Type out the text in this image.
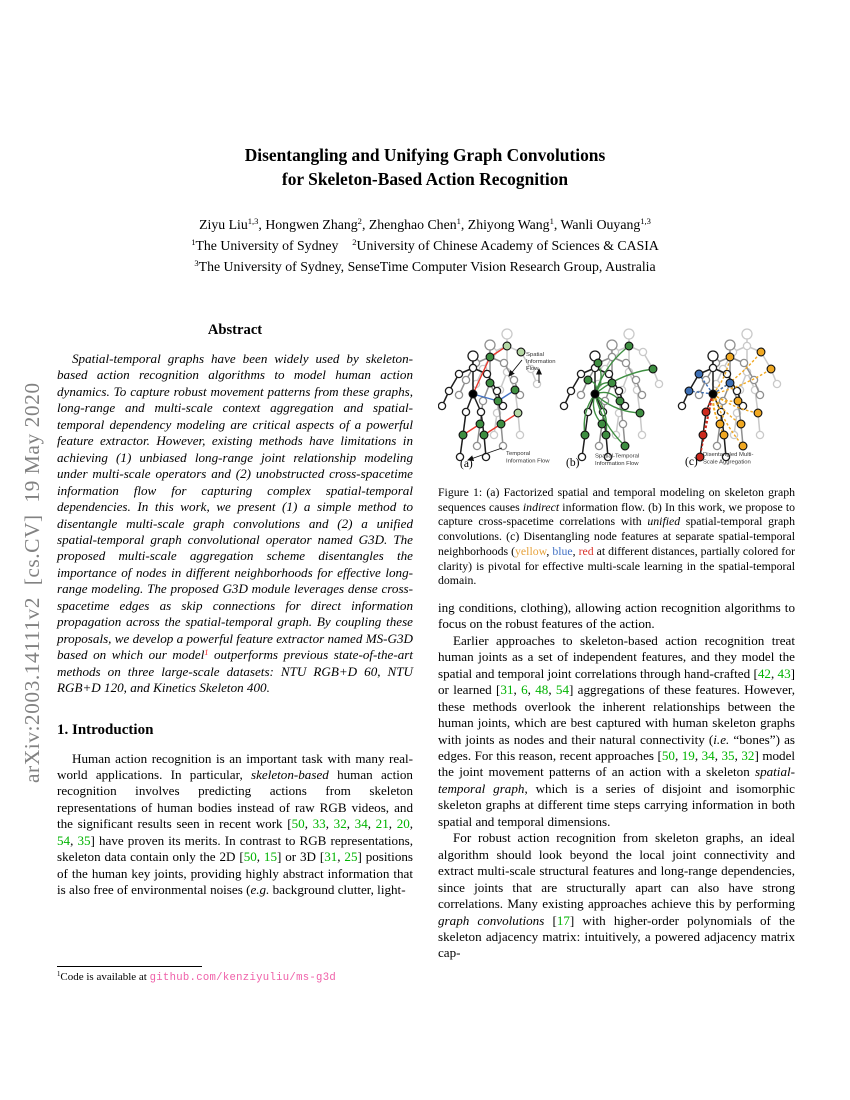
arXiv:2003.14111v2  [cs.CV]  19 May 2020
Disentangling and Unifying Graph Convolutions
for Skeleton-Based Action Recognition
Ziyu Liu$^{1,3}$, Hongwen Zhang$^2$, Zhenghao Chen$^1$, Zhiyong Wang$^1$, Wanli Ouyang$^{1,3}$
$^1$The University of Sydney    $^2$University of Chinese Academy of Sciences & CASIA
$^3$The University of Sydney, SenseTime Computer Vision Research Group, Australia
Abstract

Spatial-temporal graphs have been widely used by skeleton-based action recognition algorithms to model human action dynamics. To capture robust movement patterns from these graphs, long-range and multi-scale context aggregation and spatial-temporal dependency modeling are critical aspects of a powerful feature extractor. However, existing methods have limitations in achieving (1) unbiased long-range joint relationship modeling under multi-scale operators and (2) unobstructed cross-spacetime information flow for capturing complex spatial-temporal dependencies. In this work, we present (1) a simple method to disentangle multi-scale graph convolutions and (2) a unified spatial-temporal graph convolutional operator named G3D. The proposed multi-scale aggregation scheme disentangles the importance of nodes in different neighborhoods for effective long-range modeling. The proposed G3D module leverages dense cross-spacetime edges as skip connections for direct information propagation across the spatial-temporal graph. By coupling these proposals, we develop a powerful feature extractor named MS-G3D based on which our model$^1$ outperforms previous state-of-the-art methods on three large-scale datasets: NTU RGB+D 60, NTU RGB+D 120, and Kinetics Skeleton 400.

1. Introduction

Human action recognition is an important task with many real-world applications. In particular, skeleton-based human action recognition involves predicting actions from skeleton representations of human bodies instead of raw RGB videos, and the significant results seen in recent work [50, 33, 32, 34, 21, 20, 54, 35] have proven its merits. In contrast to RGB representations, skeleton data contain only the 2D [50, 15] or 3D [31, 25] positions of the human key joints, providing highly abstract information that is also free of environmental noises (e.g. background clutter, light-

$^1$Code is available at github.com/kenziyuliu/ms-g3d
Spatial
Information
Flow
Temporal
Information Flow
Spatial-Temporal
Information Flow
Disentangled Multi-
Scale Aggregation
(a)	(b)	(c)

Figure 1: (a) Factorized spatial and temporal modeling on skeleton graph sequences causes indirect information flow. (b) In this work, we propose to capture cross-spacetime correlations with unified spatial-temporal graph convolutions. (c) Disentangling node features at separate spatial-temporal neighborhoods (yellow, blue, red at different distances, partially colored for clarity) is pivotal for effective multi-scale learning in the spatial-temporal domain.

ing conditions, clothing), allowing action recognition algorithms to focus on the robust features of the action.

Earlier approaches to skeleton-based action recognition treat human joints as a set of independent features, and they model the spatial and temporal joint correlations through hand-crafted [42, 43] or learned [31, 6, 48, 54] aggregations of these features. However, these methods overlook the inherent relationships between the human joints, which are best captured with human skeleton graphs with joints as nodes and their natural connectivity (i.e. “bones”) as edges. For this reason, recent approaches [50, 19, 34, 35, 32] model the joint movement patterns of an action with a skeleton spatial-temporal graph, which is a series of disjoint and isomorphic skeleton graphs at different time steps carrying information in both spatial and temporal dimensions.

For robust action recognition from skeleton graphs, an ideal algorithm should look beyond the local joint connectivity and extract multi-scale structural features and long-range dependencies, since joints that are structurally apart can also have strong correlations. Many existing approaches achieve this by performing graph convolutions [17] with higher-order polynomials of the skeleton adjacency matrix: intuitively, a powered adjacency matrix cap-
